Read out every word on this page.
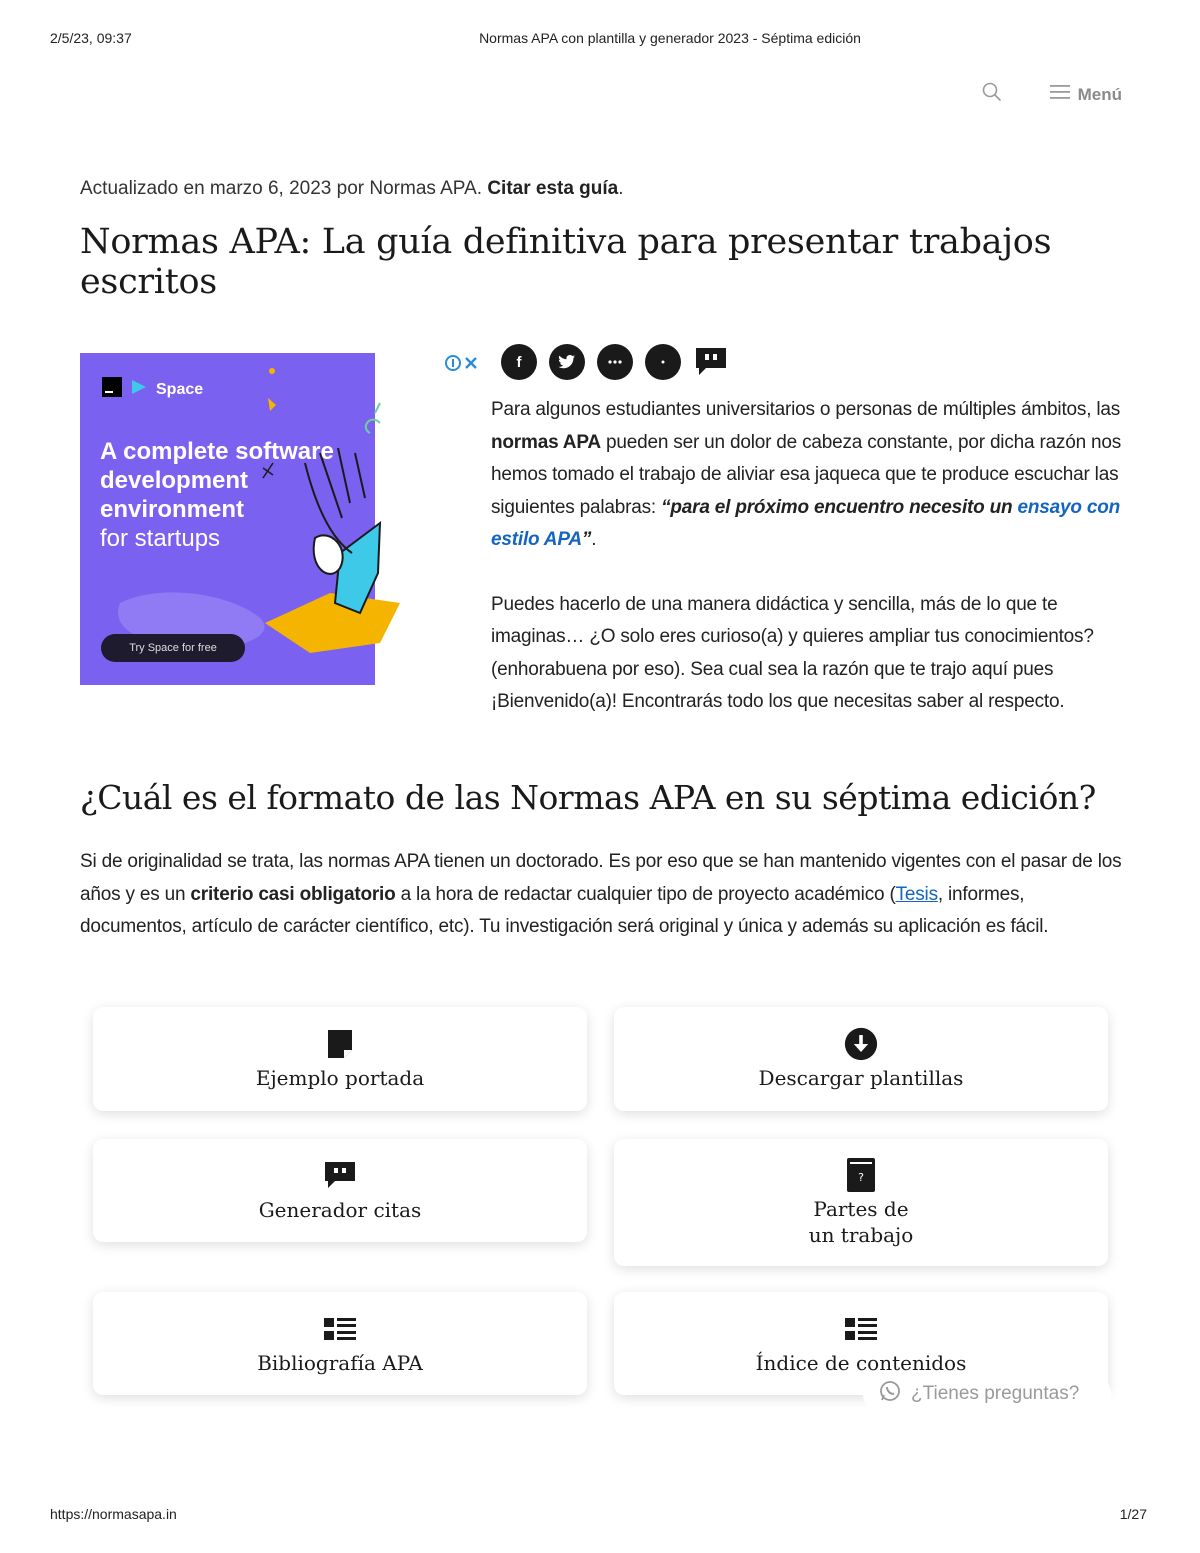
2/5/23, 09:37	Normas APA con plantilla y generador 2023 - Séptima edición
Menú
Actualizado en marzo 6, 2023 por Normas APA. Citar esta guía.
Normas APA: La guía definitiva para presentar trabajos escritos
Space
A complete software development environment
for startups
Try Space for free
f

Para algunos estudiantes universitarios o personas de múltiples ámbitos, las normas APA pueden ser un dolor de cabeza constante, por dicha razón nos hemos tomado el trabajo de aliviar esa jaqueca que te produce escuchar las siguientes palabras: “para el próximo encuentro necesito un ensayo con estilo APA”.

Puedes hacerlo de una manera didáctica y sencilla, más de lo que te imaginas… ¿O solo eres curioso(a) y quieres ampliar tus conocimientos? (enhorabuena por eso). Sea cual sea la razón que te trajo aquí pues ¡Bienvenido(a)! Encontrarás todo los que necesitas saber al respecto.

¿Cuál es el formato de las Normas APA en su séptima edición?
Si de originalidad se trata, las normas APA tienen un doctorado. Es por eso que se han mantenido vigentes con el pasar de los años y es un criterio casi obligatorio a la hora de redactar cualquier tipo de proyecto académico (Tesis, informes, documentos, artículo de carácter científico, etc). Tu investigación será original y única y además su aplicación es fácil.
Ejemplo portada	Descargar plantillas
Generador citas
?
Partes de
un trabajo
Bibliografía APA	Índice de contenidos
¿Tienes preguntas?
https://normasapa.in	1/27
